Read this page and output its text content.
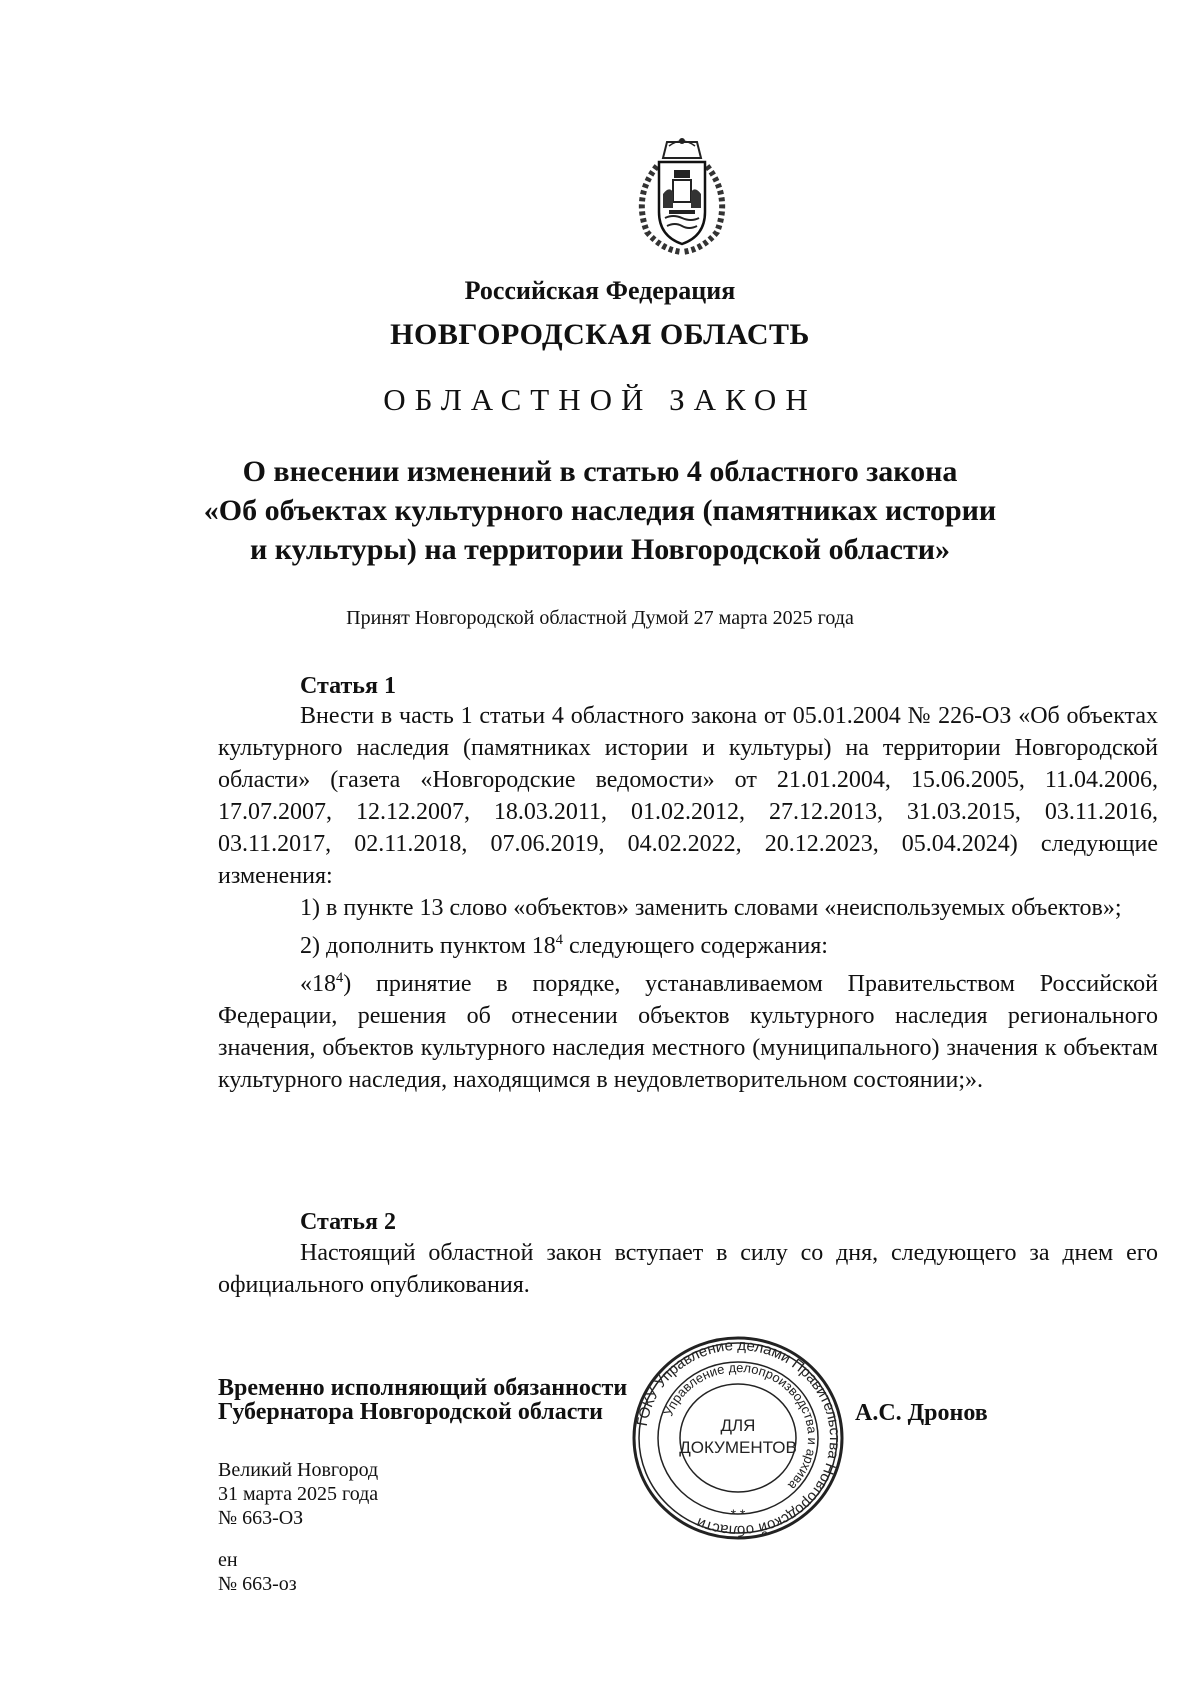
Российская Федерация
НОВГОРОДСКАЯ ОБЛАСТЬ
ОБЛАСТНОЙ ЗАКОН
О внесении изменений в статью 4 областного закона
«Об объектах культурного наследия (памятниках истории
и культуры) на территории Новгородской области»
Принят Новгородской областной Думой 27 марта 2025 года
Статья 1

Внести в часть 1 статьи 4 областного закона от 05.01.2004 № 226-ОЗ «Об объектах культурного наследия (памятниках истории и культуры) на территории Новгородской области» (газета «Новгородские ведомости» от 21.01.2004, 15.06.2005, 11.04.2006, 17.07.2007, 12.12.2007, 18.03.2011, 01.02.2012, 27.12.2013, 31.03.2015, 03.11.2016, 03.11.2017, 02.11.2018, 07.06.2019, 04.02.2022, 20.12.2023, 05.04.2024) следующие изменения:

1) в пункте 13 слово «объектов» заменить словами «неиспользуемых объектов»;

2) дополнить пунктом $18^4$ следующего содержания:

«$18^4$) принятие в порядке, устанавливаемом Правительством Российской Федерации, решения об отнесении объектов культурного наследия регионального значения, объектов культурного наследия местного (муниципального) значения к объектам культурного наследия, находящимся в неудовлетворительном состоянии;».

Статья 2

Настоящий областной закон вступает в силу со дня, следующего за днем его официального опубликования.

Временно исполняющий обязанности
Губернатора Новгородской области	А.С. Дронов
Великий Новгород
31 марта 2025 года
№ 663-ОЗ
ен
№ 663-оз
ГОКУ Управление делами Правительства Новгородской области
Управление делопроизводства и архива
ДЛЯ
ДОКУМЕНТОВ
* *
